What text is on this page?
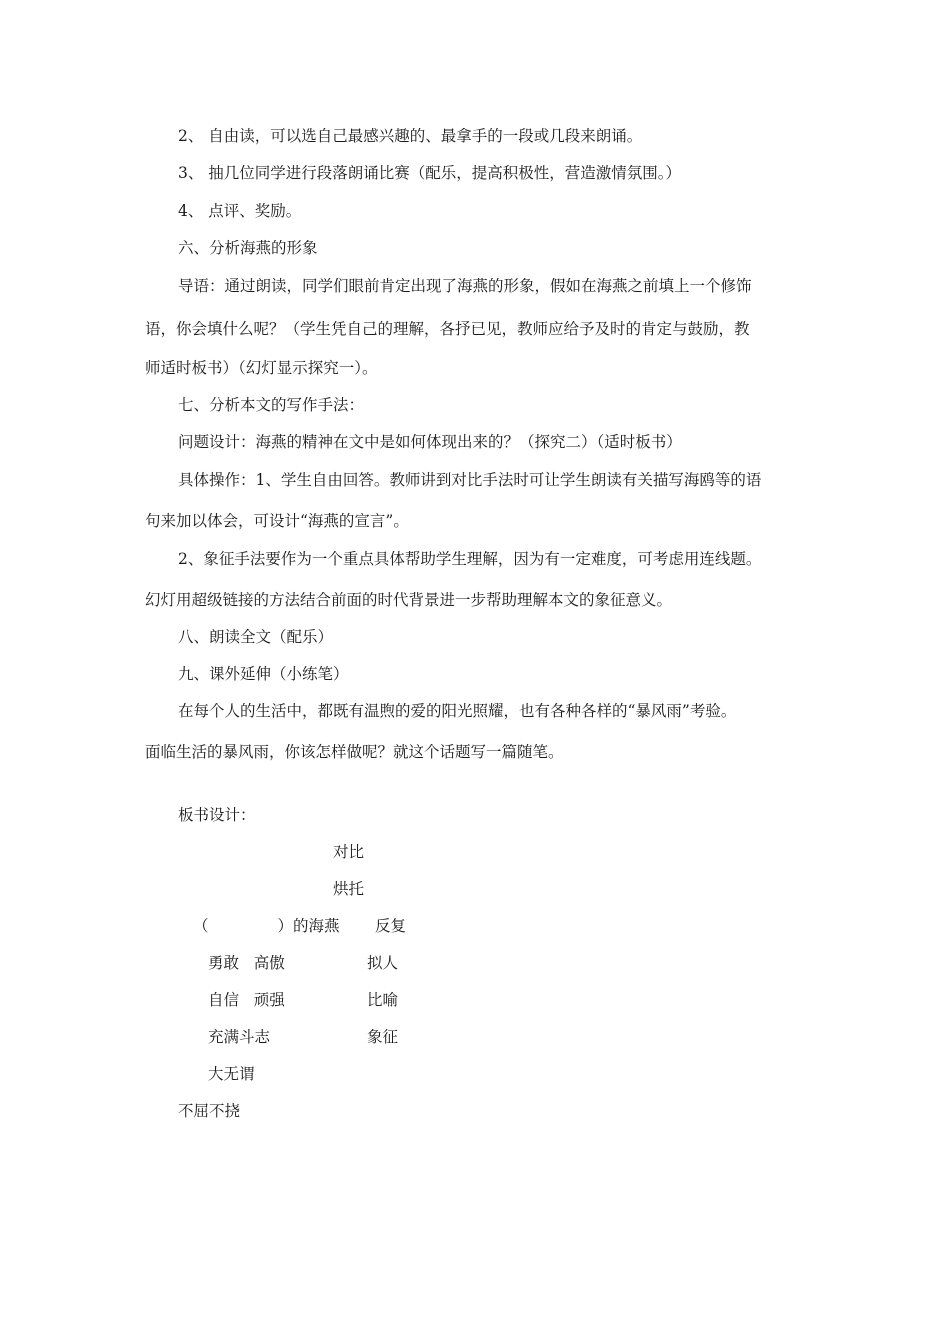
2、 自由读，可以选自己最感兴趣的、最拿手的一段或几段来朗诵。
3、 抽几位同学进行段落朗诵比赛（配乐，提高积极性，营造激情氛围。）
4、 点评、奖励。
六、分析海燕的形象
导语：通过朗读，同学们眼前肯定出现了海燕的形象，假如在海燕之前填上一个修饰
语，你会填什么呢？（学生凭自己的理解，各抒已见，教师应给予及时的肯定与鼓励，教
师适时板书）（幻灯显示探究一）。
七、分析本文的写作手法：
问题设计：海燕的精神在文中是如何体现出来的？（探究二）（适时板书）
具体操作：1、学生自由回答。教师讲到对比手法时可让学生朗读有关描写海鸥等的语
句来加以体会，可设计“海燕的宣言”。
2、象征手法要作为一个重点具体帮助学生理解，因为有一定难度，可考虑用连线题。
幻灯用超级链接的方法结合前面的时代背景进一步帮助理解本文的象征意义。
八、朗读全文（配乐）
九、课外延伸（小练笔）
在每个人的生活中，都既有温煦的爱的阳光照耀，也有各种各样的“暴风雨”考验。
面临生活的暴风雨，你该怎样做呢？就这个话题写一篇随笔。
板书设计：
对比
烘托
（              ）的海燕 反复
勇敢   高傲	拟人
自信   顽强	比喻
充满斗志	象征
大无谓
不屈不挠
